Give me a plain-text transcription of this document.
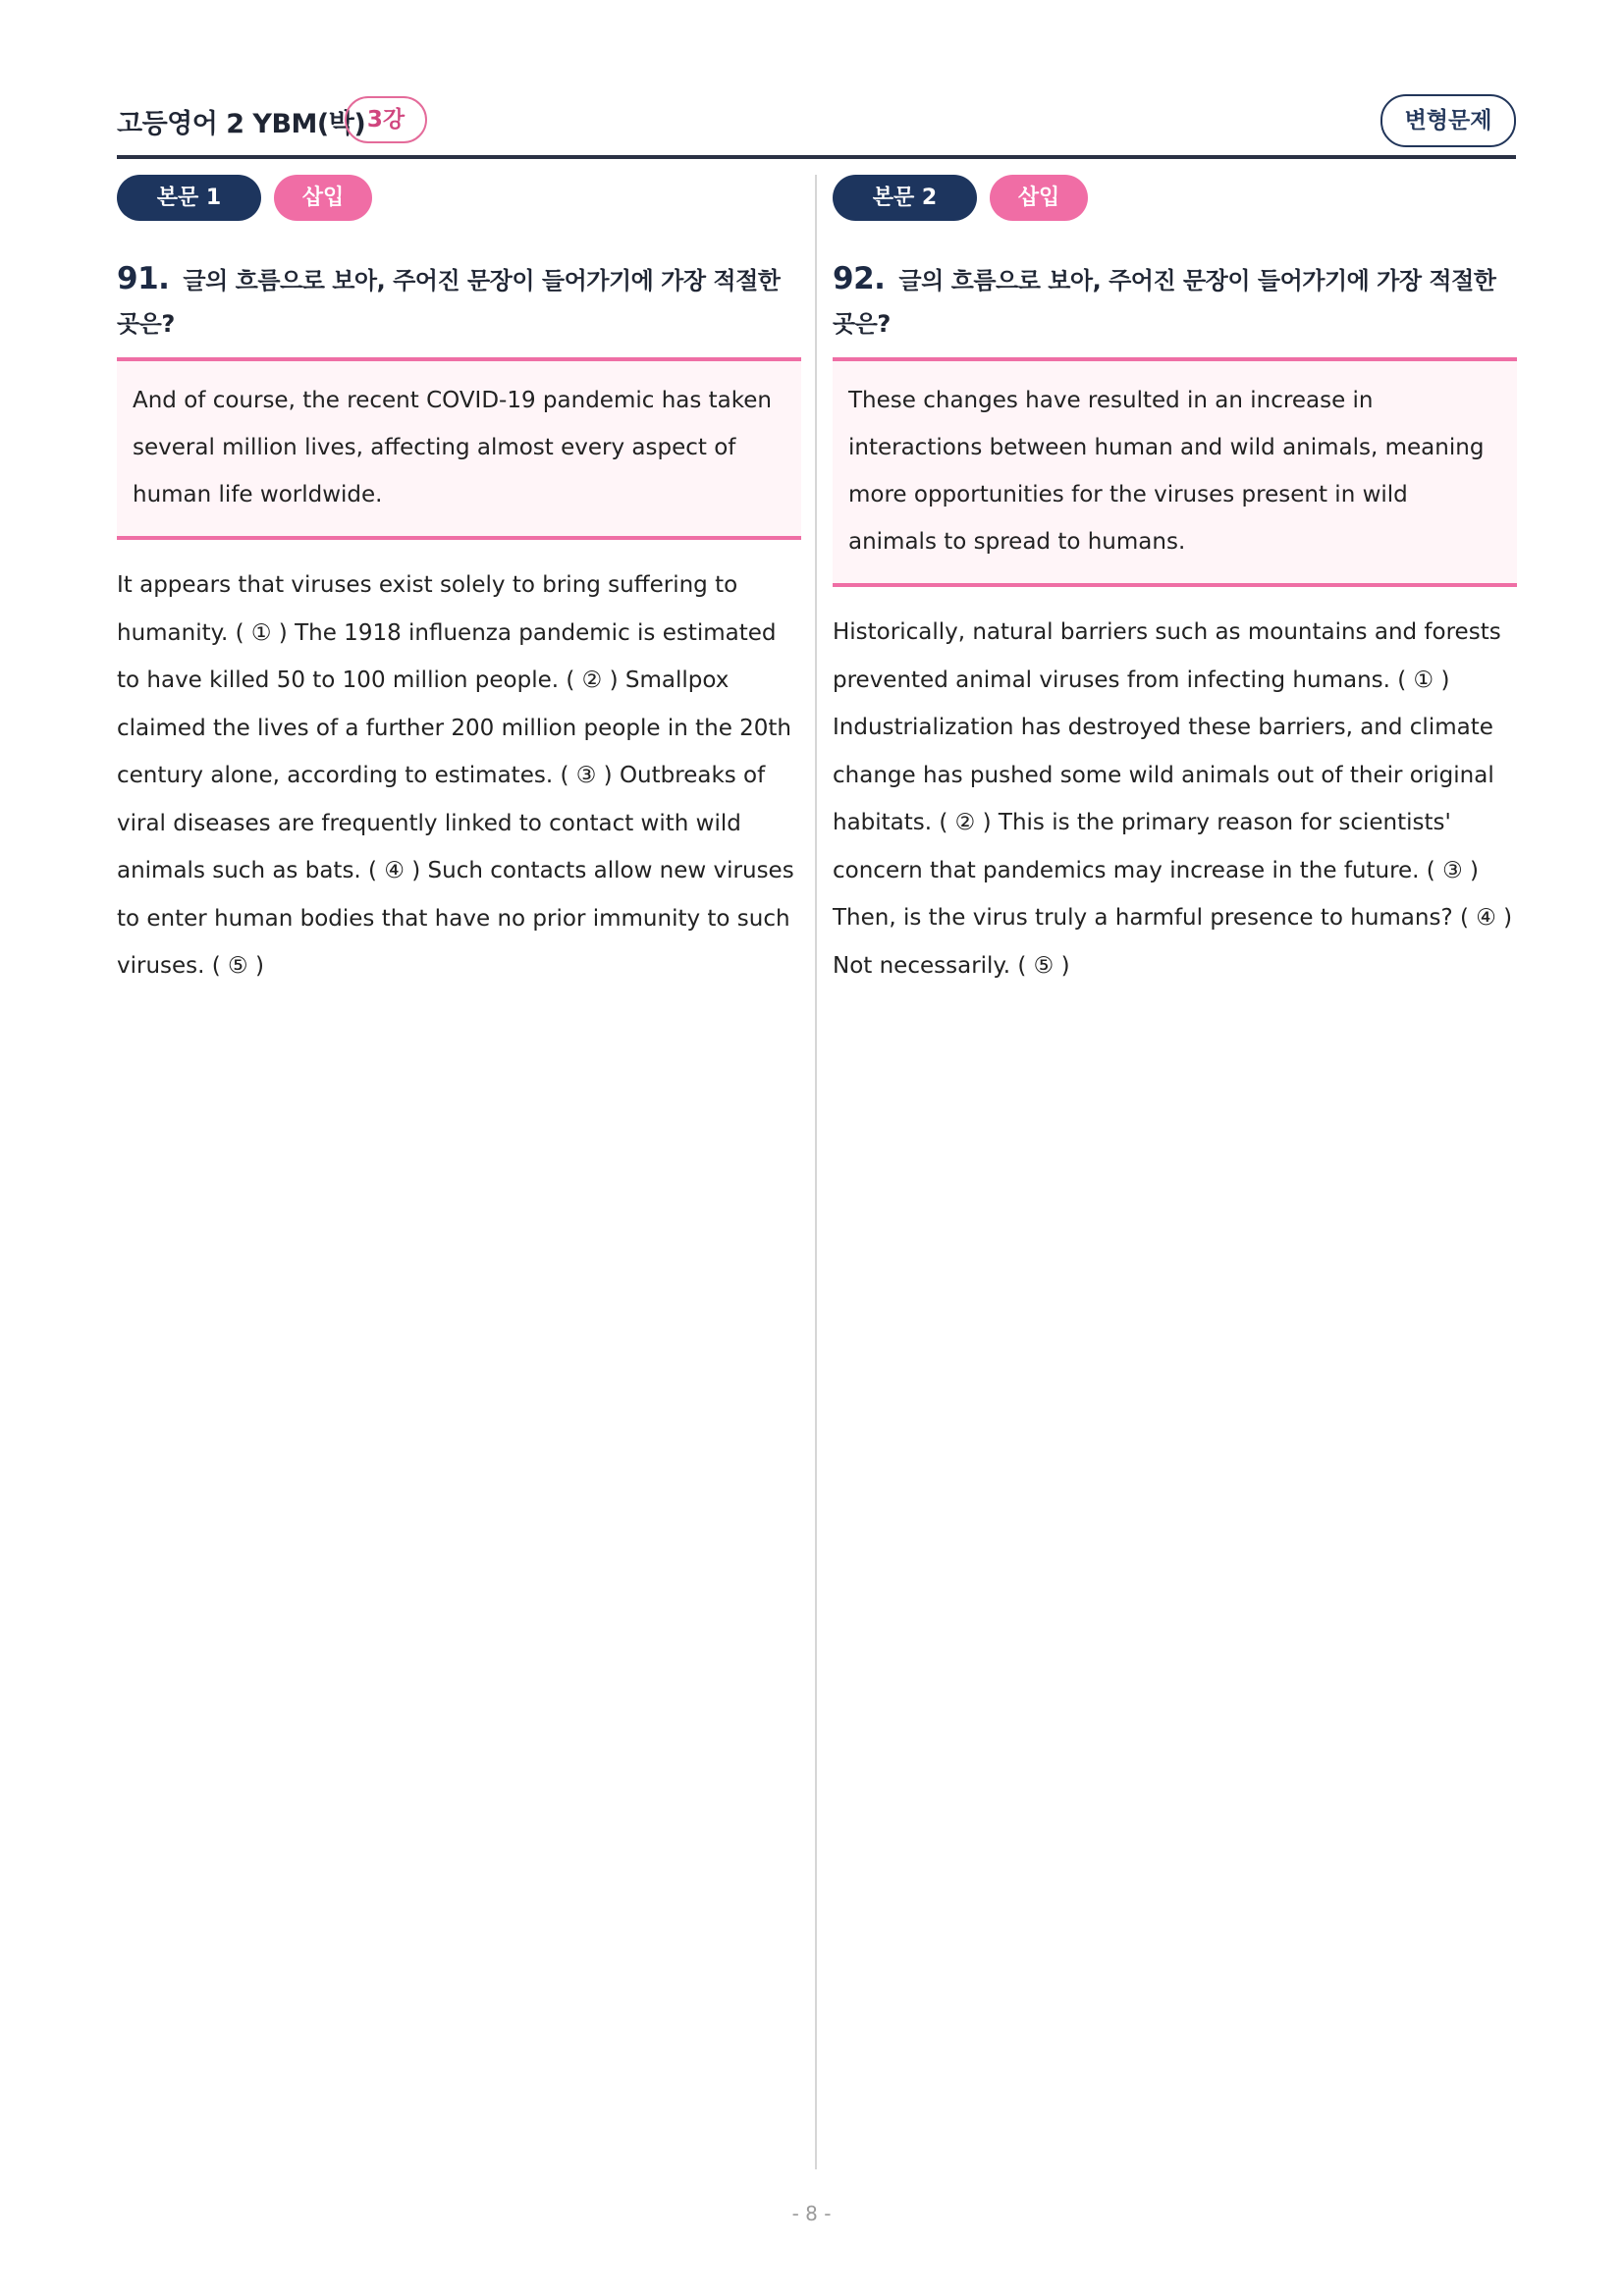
고등영어 2 YBM(박) 3강	변형문제
본문 1	삽입
91. 글의 흐름으로 보아, 주어진 문장이 들어가기에 가장 적절한 곳은?
And of course, the recent COVID-19 pandemic has taken several million lives, affecting almost every aspect of human life worldwide.
It appears that viruses exist solely to bring suffering to humanity. ( ① ) The 1918 influenza pandemic is estimated to have killed 50 to 100 million people. ( ② ) Smallpox claimed the lives of a further 200 million people in the 20th century alone, according to estimates. ( ③ ) Outbreaks of viral diseases are frequently linked to contact with wild animals such as bats. ( ④ ) Such contacts allow new viruses to enter human bodies that have no prior immunity to such viruses. ( ⑤ )
본문 2	삽입
92. 글의 흐름으로 보아, 주어진 문장이 들어가기에 가장 적절한 곳은?
These changes have resulted in an increase in interactions between human and wild animals, meaning more opportunities for the viruses present in wild animals to spread to humans.
Historically, natural barriers such as mountains and forests prevented animal viruses from infecting humans. ( ① ) Industrialization has destroyed these barriers, and climate change has pushed some wild animals out of their original habitats. ( ② ) This is the primary reason for scientists' concern that pandemics may increase in the future. ( ③ ) Then, is the virus truly a harmful presence to humans? ( ④ ) Not necessarily. ( ⑤ )
- 8 -
